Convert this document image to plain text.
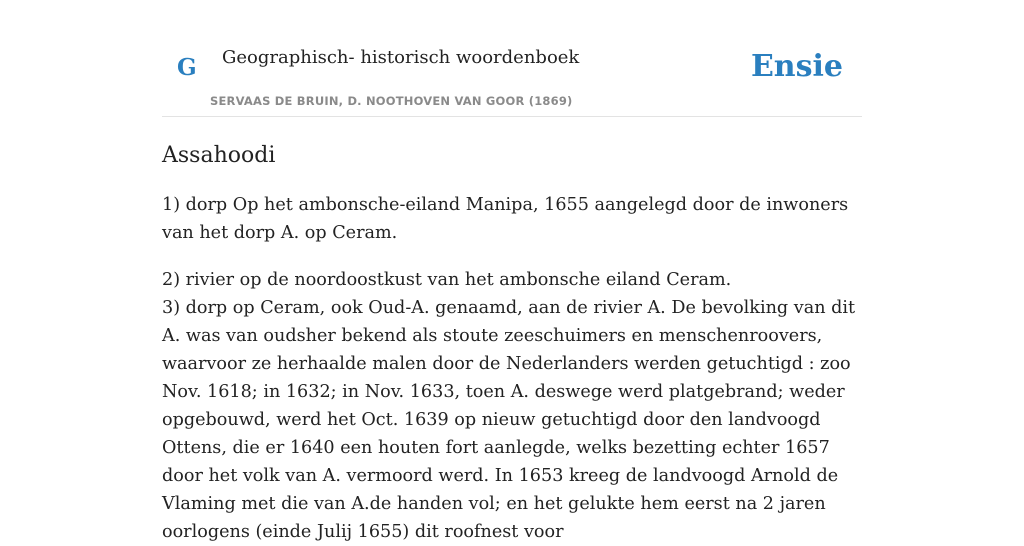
G Geographisch- historisch woordenboek
SERVAAS DE BRUIN, D. NOOTHOVEN VAN GOOR (1869)
Ensie
Assahoodi

1) dorp Op het ambonsche-eiland Manipa, 1655 aangelegd door de inwoners van het dorp A. op Ceram.

2) rivier op de noordoostkust van het ambonsche eiland Ceram.

3) dorp op Ceram, ook Oud-A. genaamd, aan de rivier A. De bevolking van dit A. was van oudsher bekend als stoute zeeschuimers en menschenroovers, waarvoor ze herhaalde malen door de Nederlanders werden getuchtigd : zoo Nov. 1618; in 1632; in Nov. 1633, toen A. deswege werd platgebrand; weder opgebouwd, werd het Oct. 1639 op nieuw getuchtigd door den landvoogd Ottens, die er 1640 een houten fort aanlegde, welks bezetting echter 1657 door het volk van A. vermoord werd. In 1653 kreeg de landvoogd Arnold de Vlaming met die van A.de handen vol; en het gelukte hem eerst na 2 jaren oorlogens (einde Julij 1655) dit roofnest voor
